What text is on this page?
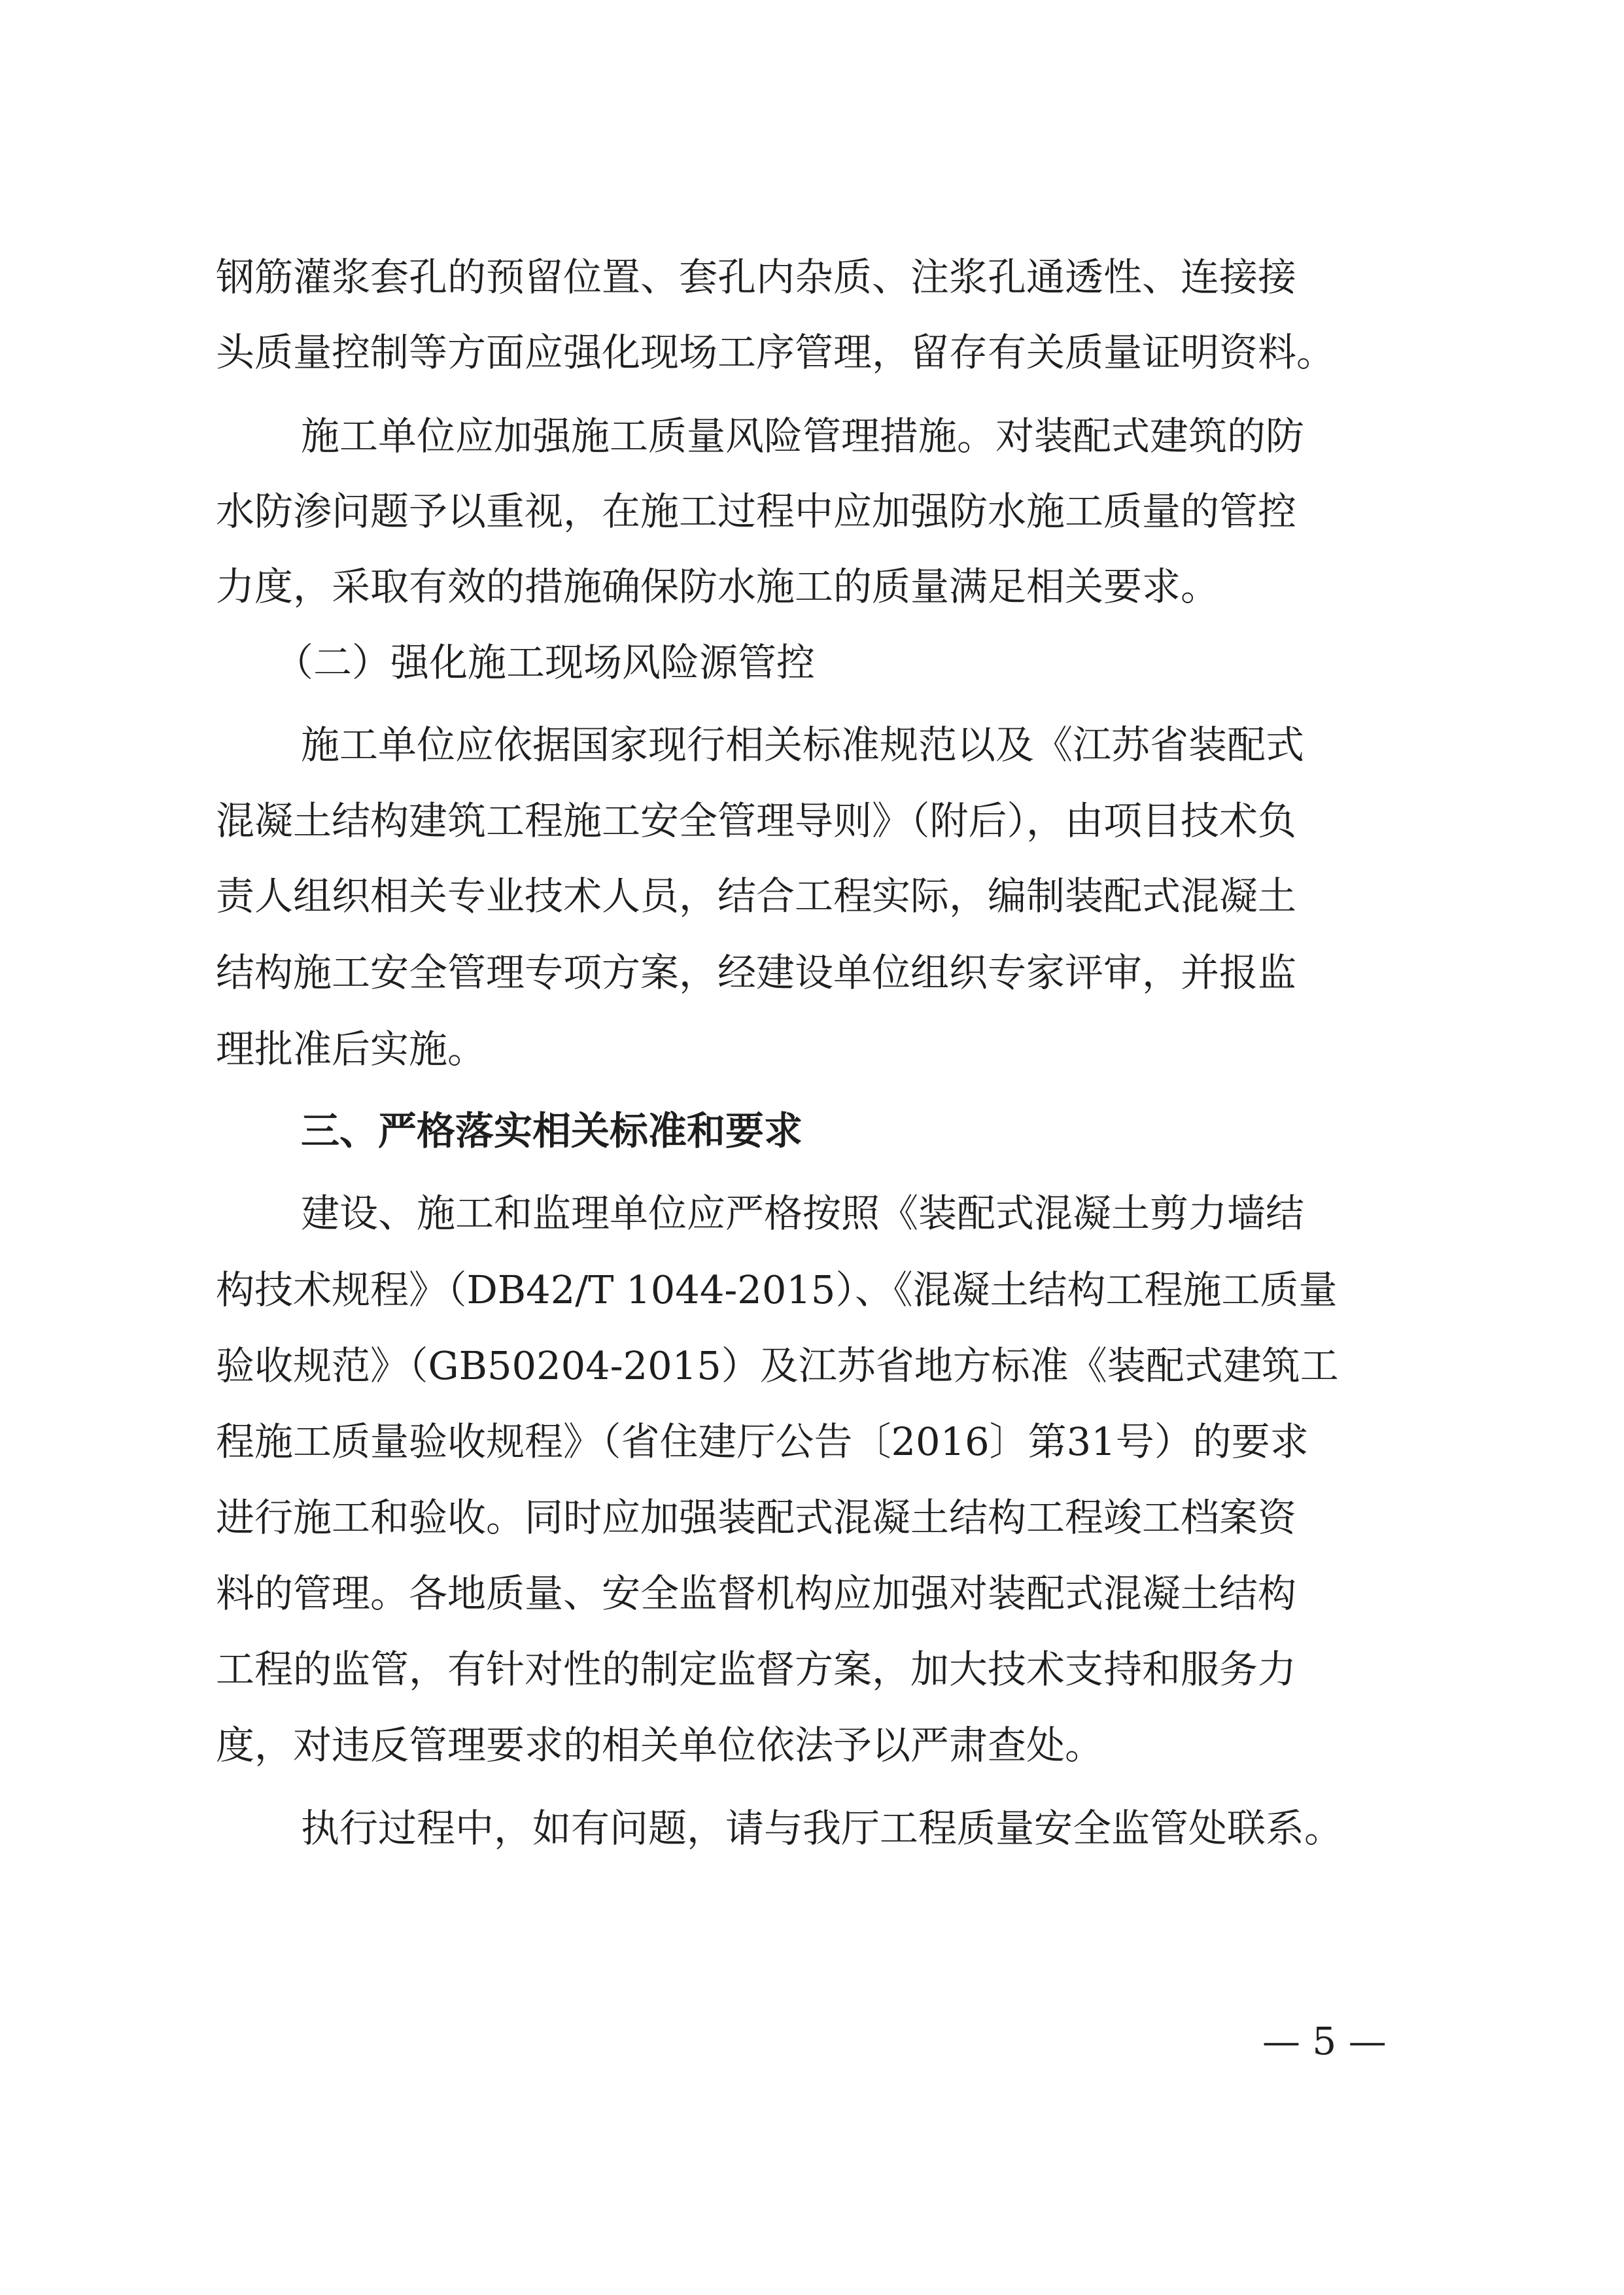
钢筋灌浆套孔的预留位置、套孔内杂质、注浆孔通透性、连接接

头质量控制等方面应强化现场工序管理，留存有关质量证明资料。

施工单位应加强施工质量风险管理措施。对装配式建筑的防

水防渗问题予以重视，在施工过程中应加强防水施工质量的管控

力度，采取有效的措施确保防水施工的质量满足相关要求。

（二）强化施工现场风险源管控

施工单位应依据国家现行相关标准规范以及《江苏省装配式

混凝土结构建筑工程施工安全管理导则》（附后），由项目技术负

责人组织相关专业技术人员，结合工程实际，编制装配式混凝土

结构施工安全管理专项方案，经建设单位组织专家评审，并报监

理批准后实施。

三、严格落实相关标准和要求

建设、施工和监理单位应严格按照《装配式混凝土剪力墙结

构技术规程》（DB42/T 1044-2015）、《混凝土结构工程施工质量

验收规范》（GB50204-2015）及江苏省地方标准《装配式建筑工

程施工质量验收规程》（省住建厅公告〔2016〕第31号）的要求

进行施工和验收。同时应加强装配式混凝土结构工程竣工档案资

料的管理。各地质量、安全监督机构应加强对装配式混凝土结构

工程的监管，有针对性的制定监督方案，加大技术支持和服务力

度，对违反管理要求的相关单位依法予以严肃查处。

执行过程中，如有问题，请与我厅工程质量安全监管处联系。

— 5 —
